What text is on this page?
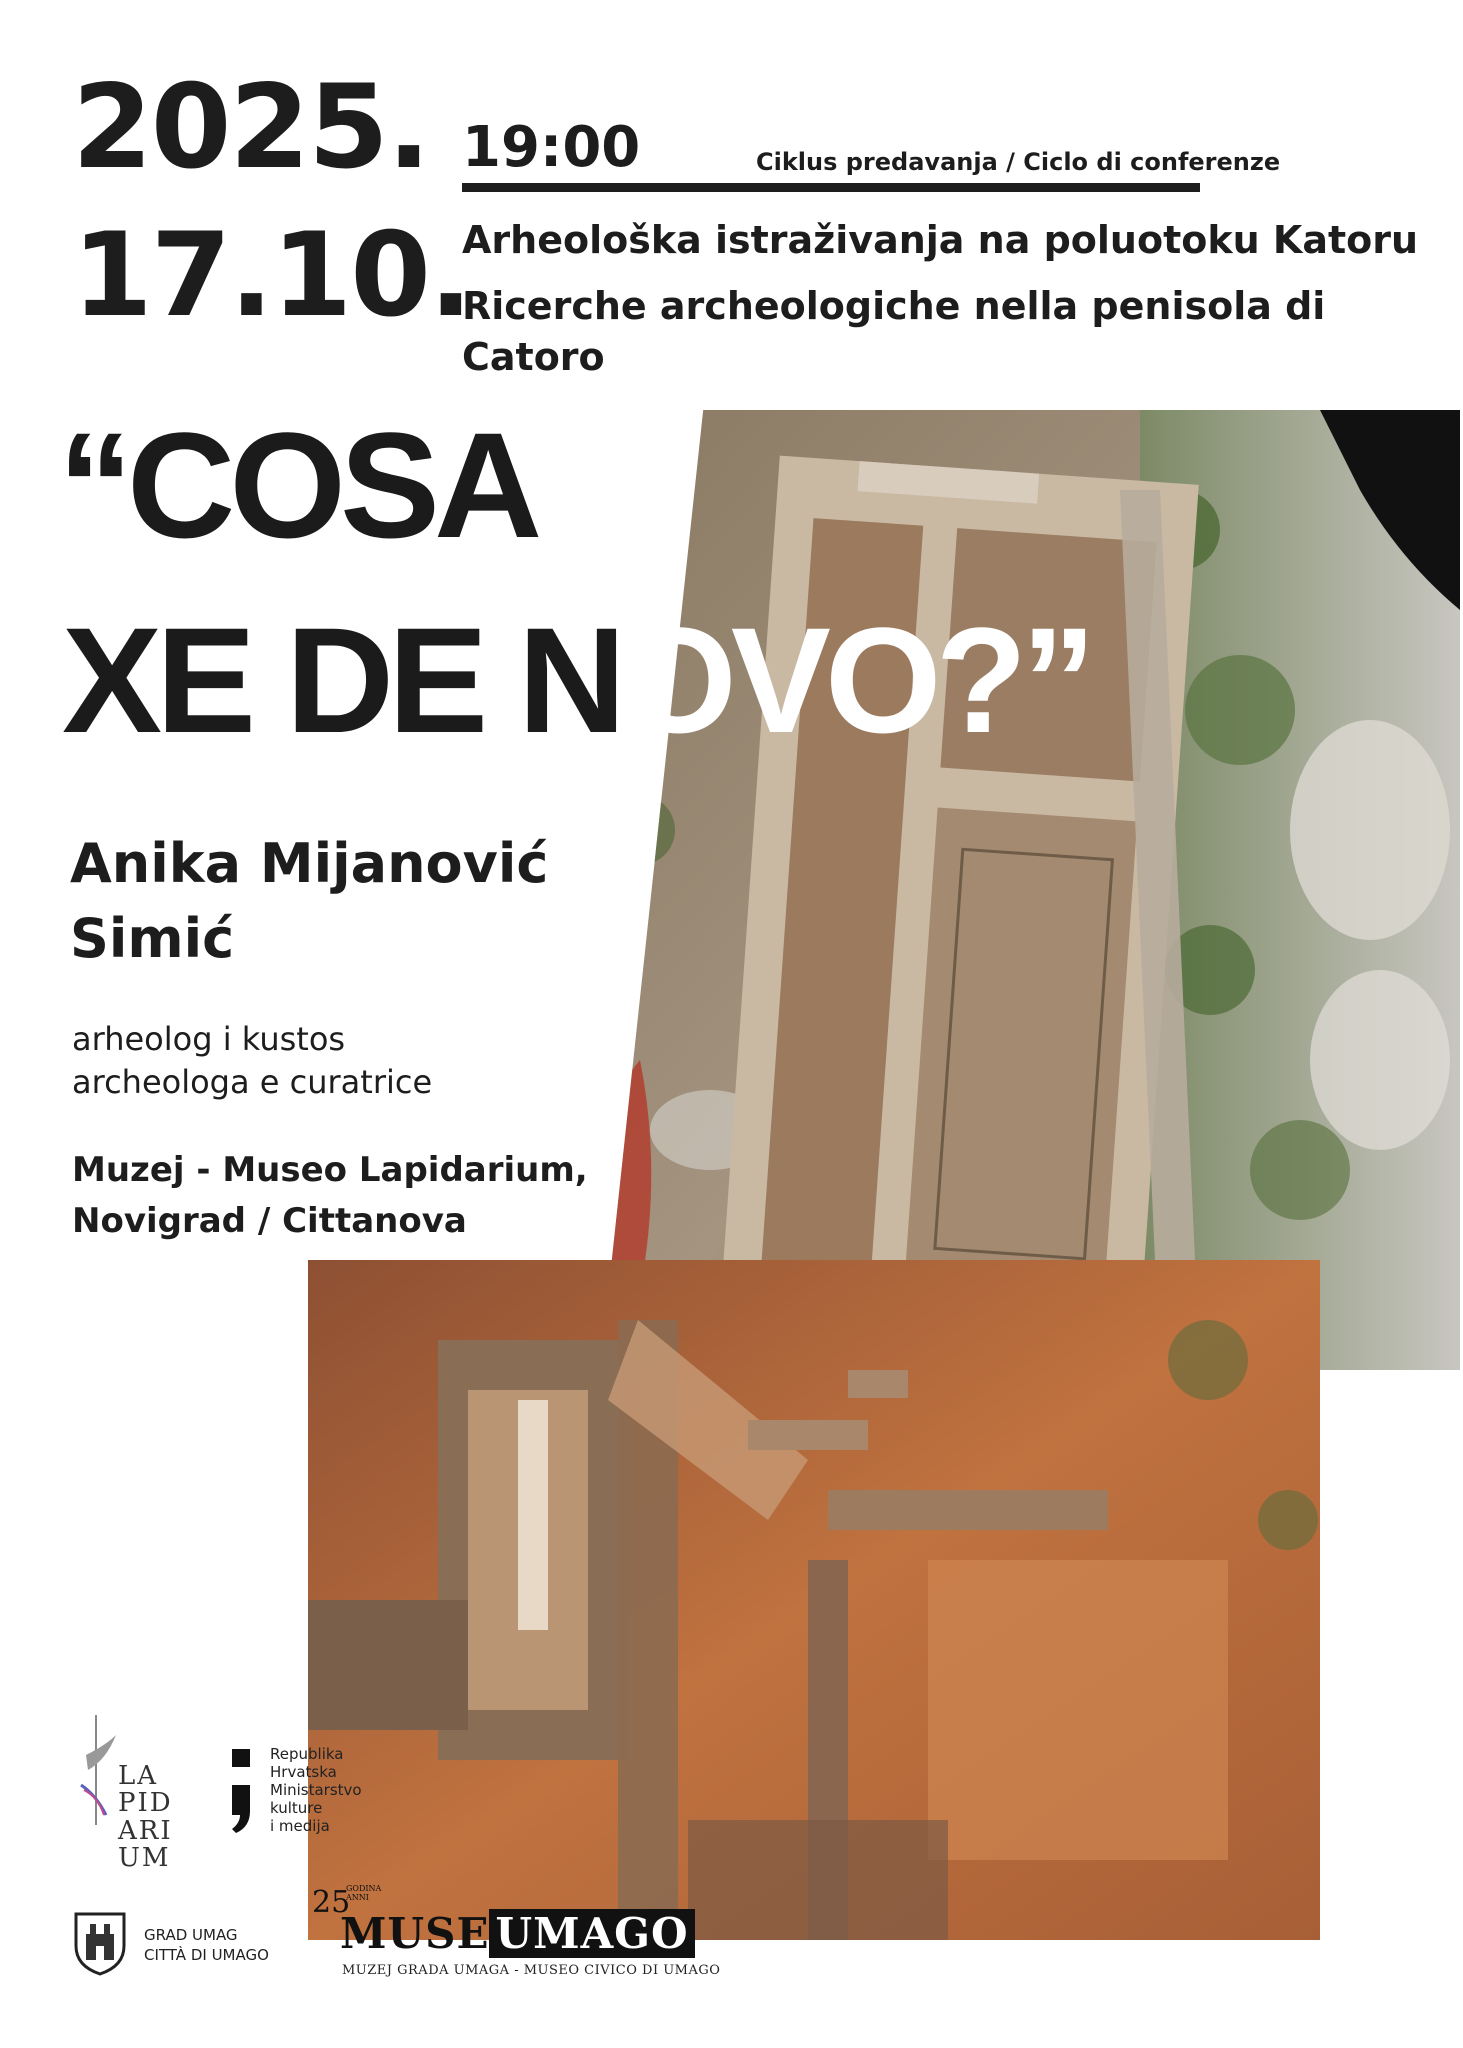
2025.
17.10.
19:00	Ciklus predavanja / Ciclo di conferenze
Arheološka istraživanja na poluotoku Katoru
Ricerche archeologiche nella penisola di Catoro
“COSA
XE DE NOVO?”
Anika Mijanović
Simić
arheolog i kustos
archeologa e curatrice
Muzej - Museo Lapidarium,
Novigrad / Cittanova
LA
PID
ARI
UM
Republika
Hrvatska
Ministarstvo
kulture
i medija
GRAD UMAG
CITTÀ DI UMAGO
25
GODINA
ANNI
MUSE UMAGO
MUZEJ GRADA UMAGA - MUSEO CIVICO DI UMAGO
